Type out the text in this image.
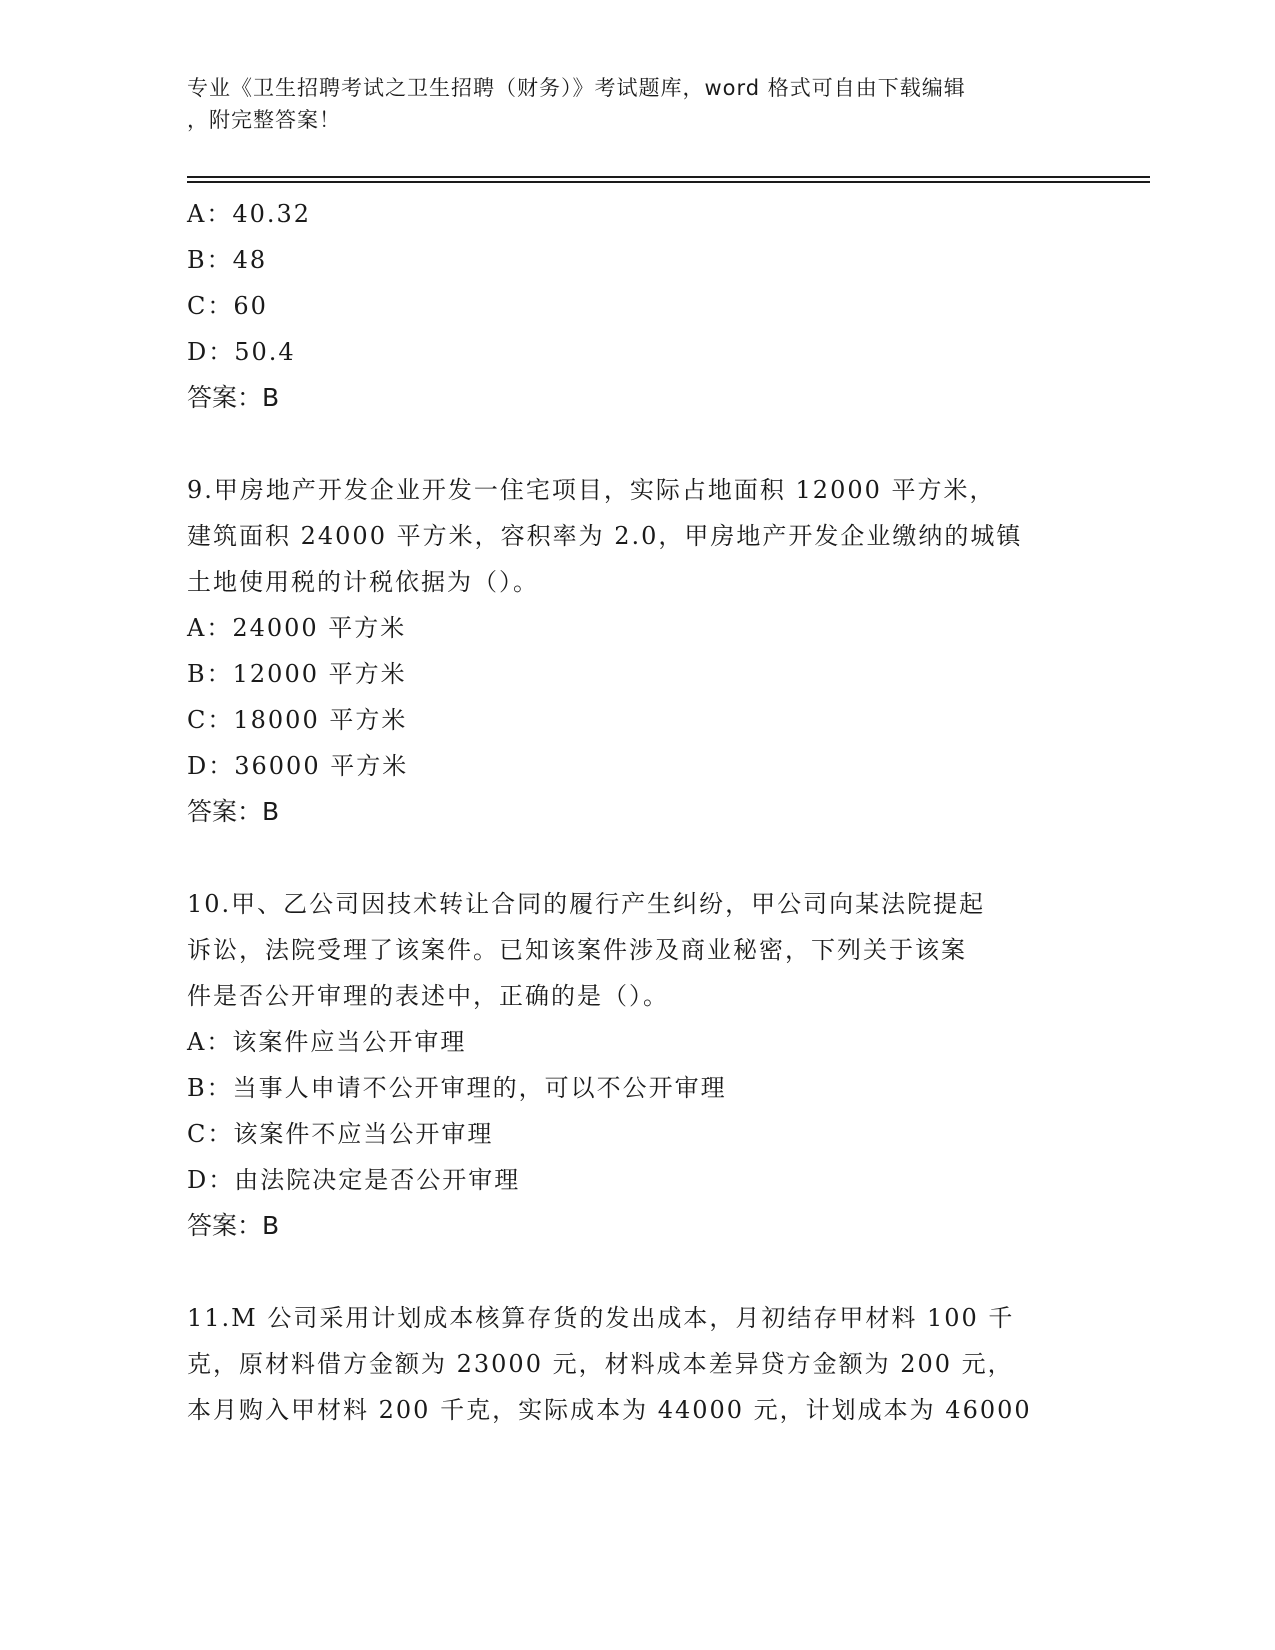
专业《卫生招聘考试之卫生招聘（财务）》考试题库，word 格式可自由下载编辑
，附完整答案！
A：40.32
B：48
C：60
D：50.4
答案：B
9.甲房地产开发企业开发一住宅项目，实际占地面积 12000 平方米，
建筑面积 24000 平方米，容积率为 2.0，甲房地产开发企业缴纳的城镇
土地使用税的计税依据为（）。
A：24000 平方米
B：12000 平方米
C：18000 平方米
D：36000 平方米
答案：B
10.甲、乙公司因技术转让合同的履行产生纠纷，甲公司向某法院提起
诉讼，法院受理了该案件。已知该案件涉及商业秘密，下列关于该案
件是否公开审理的表述中，正确的是（）。
A：该案件应当公开审理
B：当事人申请不公开审理的，可以不公开审理
C：该案件不应当公开审理
D：由法院决定是否公开审理
答案：B
11.M 公司采用计划成本核算存货的发出成本，月初结存甲材料 100 千
克，原材料借方金额为 23000 元，材料成本差异贷方金额为 200 元，
本月购入甲材料 200 千克，实际成本为 44000 元，计划成本为 46000
